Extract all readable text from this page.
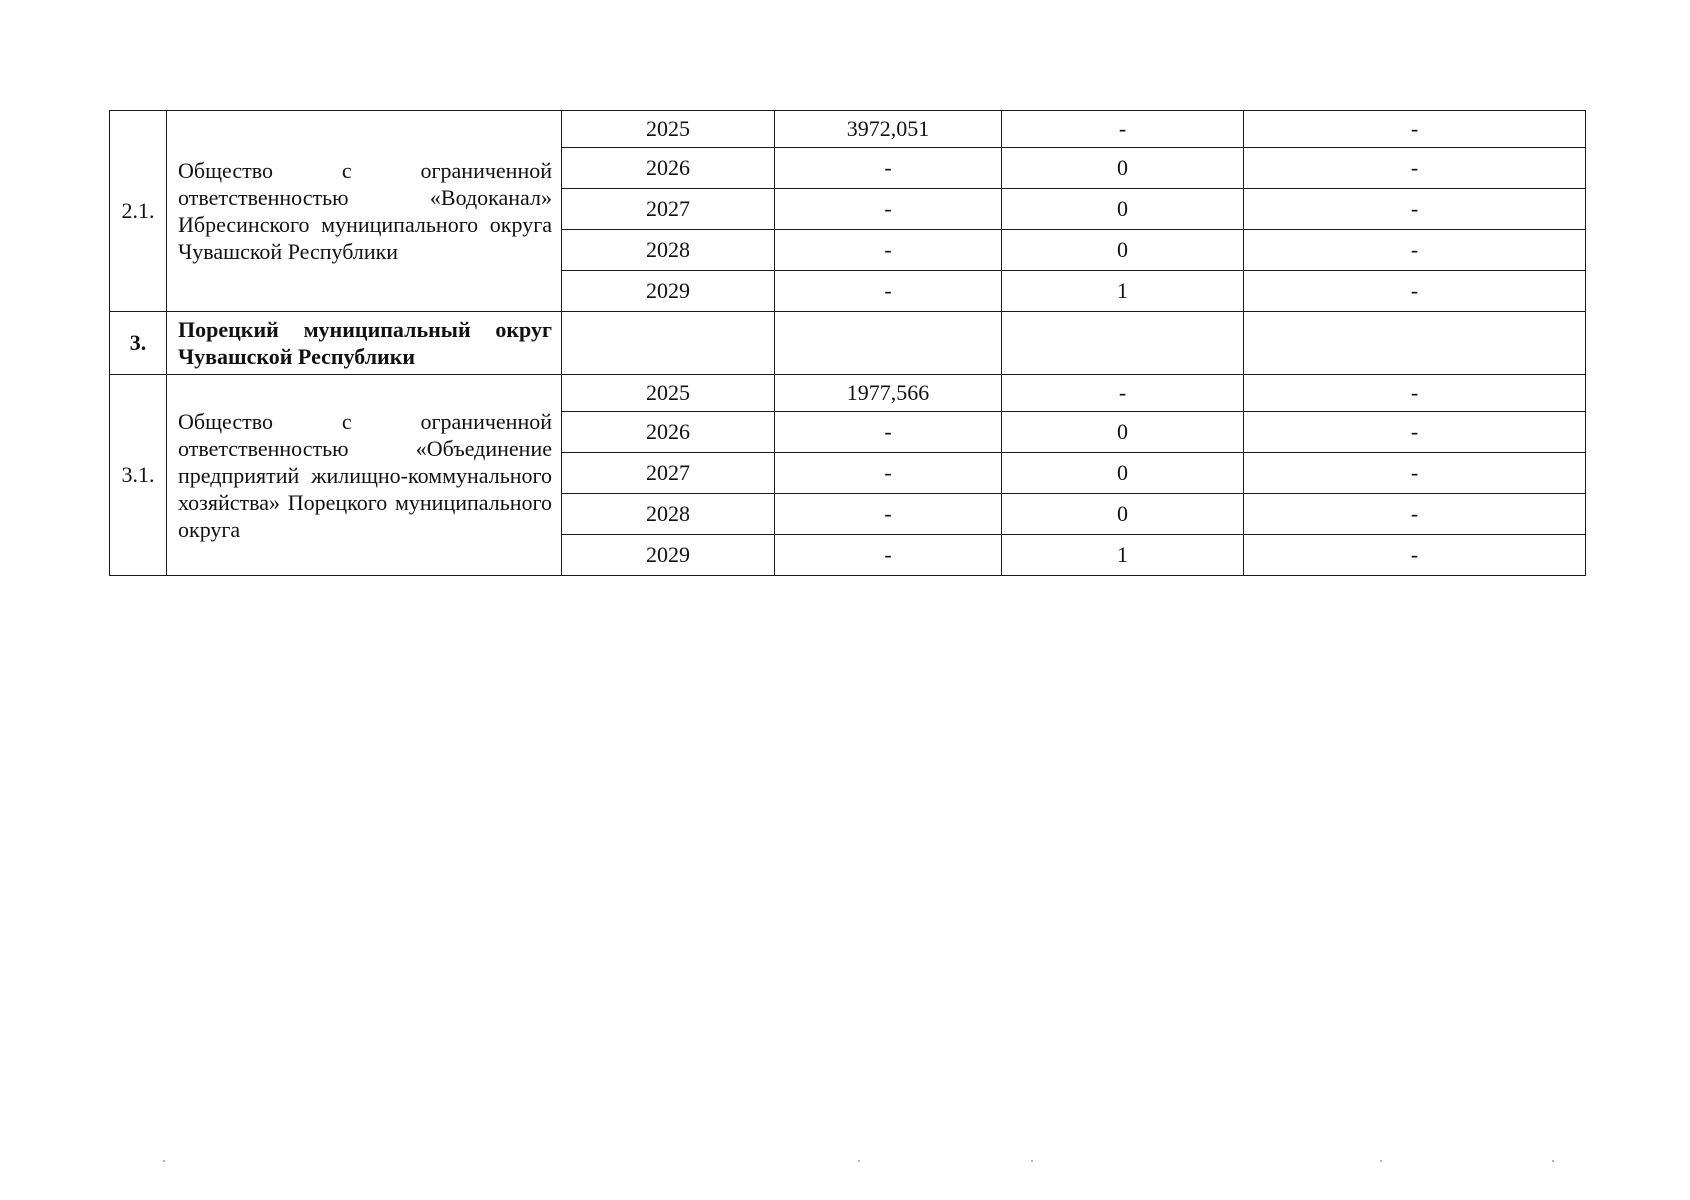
2.1.	Общество с ограниченной ответственностью «Водоканал» Ибресинского муниципального округа Чувашской Республики	2025	3972,051	-	-
		2026	-	0	-
		2027	-	0	-
		2028	-	0	-
		2029	-	1	-
3.	Порецкий муниципальный округ Чувашской Республики				
3.1.	Общество с ограниченной ответственностью «Объединение предприятий жилищно-коммунального хозяйства» Порецкого муниципального округа	2025	1977,566	-	-
		2026	-	0	-
		2027	-	0	-
		2028	-	0	-
		2029	-	1	-
